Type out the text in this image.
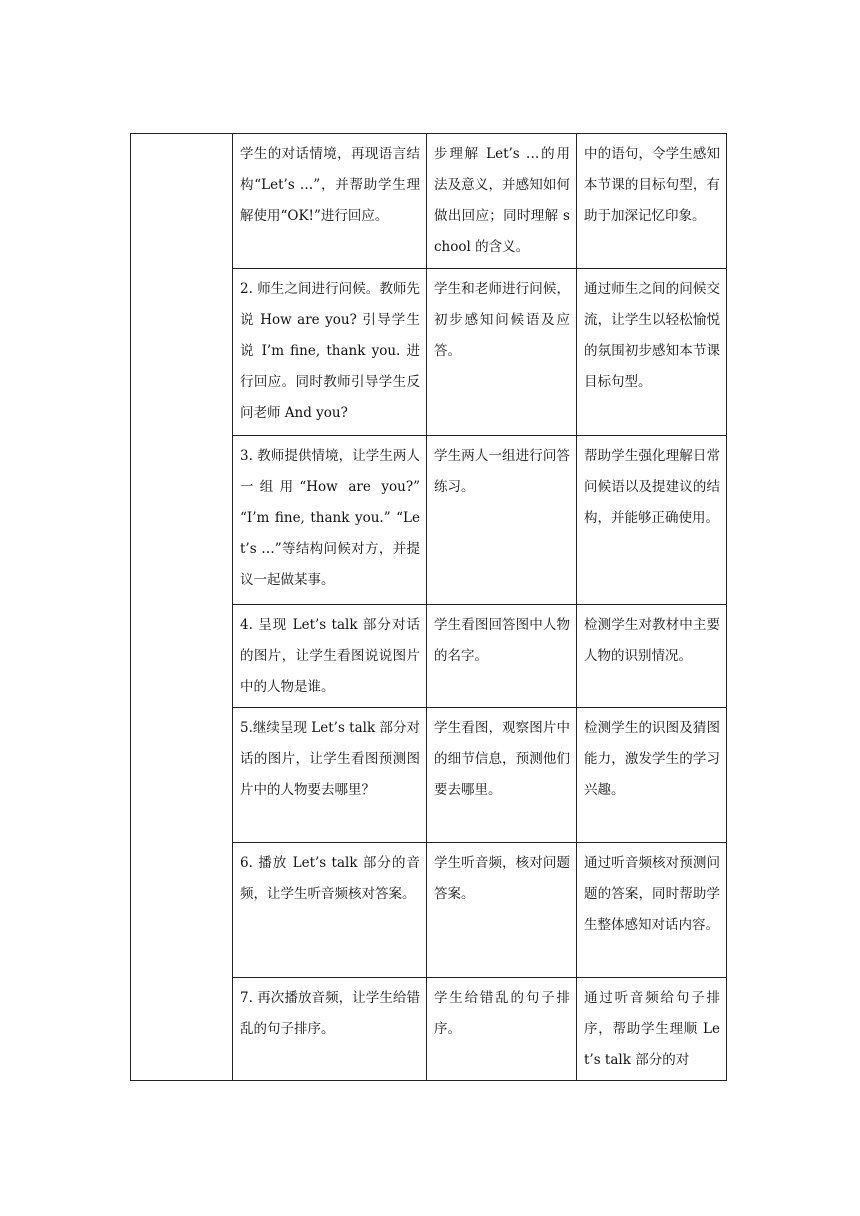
	学生的对话情境，再现语言结构“Let’s …”，并帮助学生理解使用“OK!”进行回应。	步理解 Let’s …的用法及意义，并感知如何做出回应；同时理解 school 的含义。	中的语句，令学生感知本节课的目标句型，有助于加深记忆印象。

	2. 师生之间进行问候。教师先说 How are you? 引导学生说 I’m fine, thank you. 进行回应。同时教师引导学生反问老师 And you?	学生和老师进行问候，初步感知问候语及应答。	通过师生之间的问候交流，让学生以轻松愉悦的氛围初步感知本节课目标句型。

	3. 教师提供情境，让学生两人一组用“How are you?” “I’m fine, thank you.” “Let’s …”等结构问候对方，并提议一起做某事。	学生两人一组进行问答练习。	帮助学生强化理解日常问候语以及提建议的结构，并能够正确使用。

	4. 呈现 Let’s talk 部分对话的图片，让学生看图说说图片中的人物是谁。	学生看图回答图中人物的名字。	检测学生对教材中主要人物的识别情况。

	5.继续呈现 Let’s talk 部分对话的图片，让学生看图预测图片中的人物要去哪里？	学生看图，观察图片中的细节信息，预测他们要去哪里。	检测学生的识图及猜图能力，激发学生的学习兴趣。

	6. 播放 Let’s talk 部分的音频，让学生听音频核对答案。	学生听音频，核对问题答案。	通过听音频核对预测问题的答案，同时帮助学生整体感知对话内容。

	7. 再次播放音频，让学生给错乱的句子排序。	学生给错乱的句子排序。	通过听音频给句子排序，帮助学生理顺 Let’s talk 部分的对
